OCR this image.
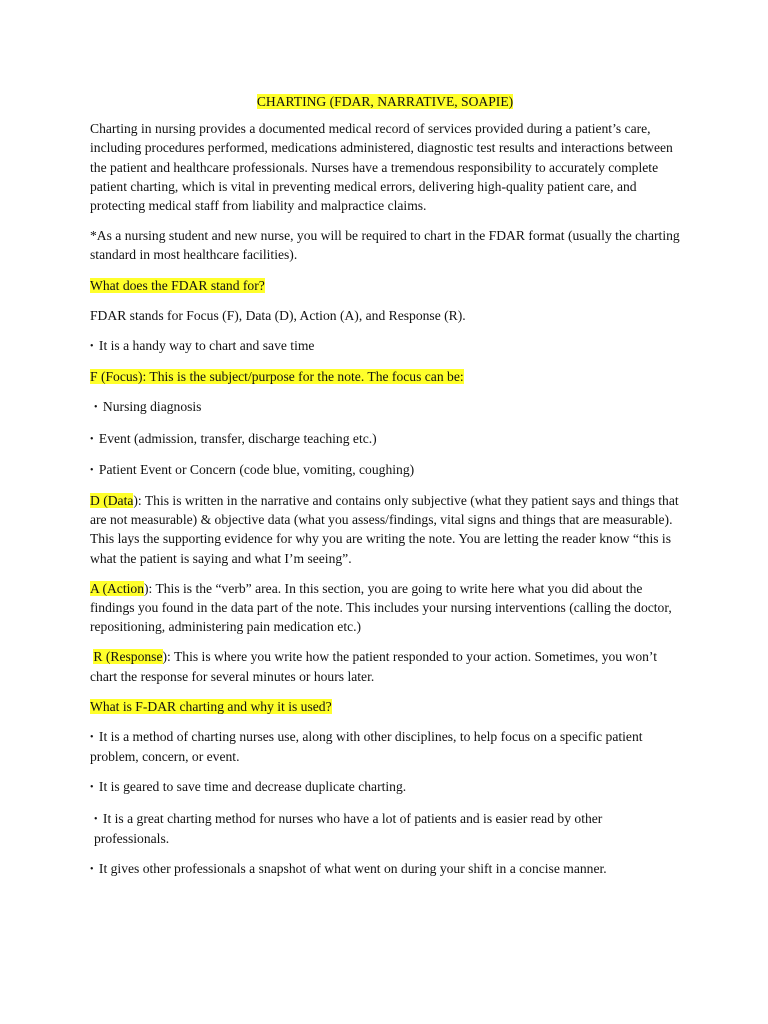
CHARTING (FDAR, NARRATIVE, SOAPIE)

Charting in nursing provides a documented medical record of services provided during a patient’s care, including procedures performed, medications administered, diagnostic test results and interactions between the patient and healthcare professionals. Nurses have a tremendous responsibility to accurately complete patient charting, which is vital in preventing medical errors, delivering high-quality patient care, and protecting medical staff from liability and malpractice claims.

*As a nursing student and new nurse, you will be required to chart in the FDAR format (usually the charting standard in most healthcare facilities).

What does the FDAR stand for?

FDAR stands for Focus (F), Data (D), Action (A), and Response (R).

• It is a handy way to chart and save time

F (Focus): This is the subject/purpose for the note. The focus can be:

• Nursing diagnosis

• Event (admission, transfer, discharge teaching etc.)

• Patient Event or Concern (code blue, vomiting, coughing)

D (Data): This is written in the narrative and contains only subjective (what they patient says and things that are not measurable) & objective data (what you assess/findings, vital signs and things that are measurable). This lays the supporting evidence for why you are writing the note. You are letting the reader know “this is what the patient is saying and what I’m seeing”.

A (Action): This is the “verb” area. In this section, you are going to write here what you did about the findings you found in the data part of the note. This includes your nursing interventions (calling the doctor, repositioning, administering pain medication etc.)

R (Response): This is where you write how the patient responded to your action. Sometimes, you won’t chart the response for several minutes or hours later.

What is F-DAR charting and why it is used?

• It is a method of charting nurses use, along with other disciplines, to help focus on a specific patient problem, concern, or event.

• It is geared to save time and decrease duplicate charting.

• It is a great charting method for nurses who have a lot of patients and is easier read by other professionals.

• It gives other professionals a snapshot of what went on during your shift in a concise manner.
